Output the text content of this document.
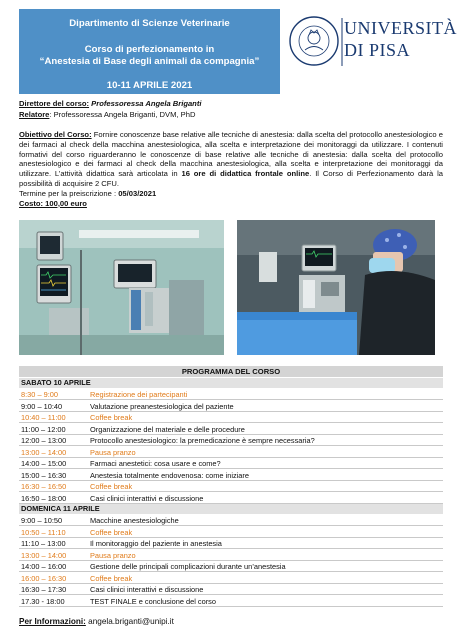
Dipartimento di Scienze Veterinarie
Corso di perfezionamento in
“Anestesia di Base degli animali da compagnia”
10-11 APRILE 2021
UNIVERSITÀ
DI PISA
Direttore del corso: Professoressa Angela Briganti
Relatore: Professoressa Angela Briganti, DVM, PhD
Obiettivo del Corso: Fornire conoscenze base relative alle tecniche di anestesia: dalla scelta del protocollo anestesiologico e dei farmaci al check della macchina anestesiologica, alla scelta e interpretazione dei monitoraggi da utilizzare. I contenuti formativi del corso riguarderanno le conoscenze di base relative alle tecniche di anestesia: dalla scelta del protocollo anestesiologico e dei farmaci al check della macchina anestesiologica, alla scelta e interpretazione dei monitoraggi da utilizzare. L’attività didattica sarà articolata in 16 ore di didattica frontale online. Il Corso di Perfezionamento darà la possibilità di acquisire 2 CFU.
Termine per la preiscrizione : 05/03/2021
Costo: 100,00 euro
PROGRAMMA DEL CORSO
SABATO 10 APRILE
8:30 – 9:00	Registrazione dei partecipanti
9:00 – 10:40	Valutazione preanestesiologica del paziente
10:40 – 11:00	Coffee break
11:00 – 12:00	Organizzazione del materiale e delle procedure
12:00 – 13:00	Protocollo anestesiologico: la premedicazione è sempre necessaria?
13:00 – 14:00	Pausa pranzo
14:00 – 15:00	Farmaci anestetici: cosa usare e come?
15:00 – 16:30	Anestesia totalmente endovenosa: come iniziare
16:30 – 16:50	Coffee break
16:50 – 18:00	Casi clinici interattivi e discussione
DOMENICA 11 APRILE
9:00 – 10:50	Macchine anestesiologiche
10:50 – 11:10	Coffee break
11:10 – 13:00	Il monitoraggio del paziente in anestesia
13:00 – 14:00	Pausa pranzo
14:00 – 16:00	Gestione delle principali complicazioni durante un’anestesia
16:00 – 16:30	Coffee break
16:30 – 17:30	Casi clinici interattivi e discussione
17.30 - 18:00	TEST FINALE e conclusione del corso
Per Informazioni: angela.briganti@unipi.it
